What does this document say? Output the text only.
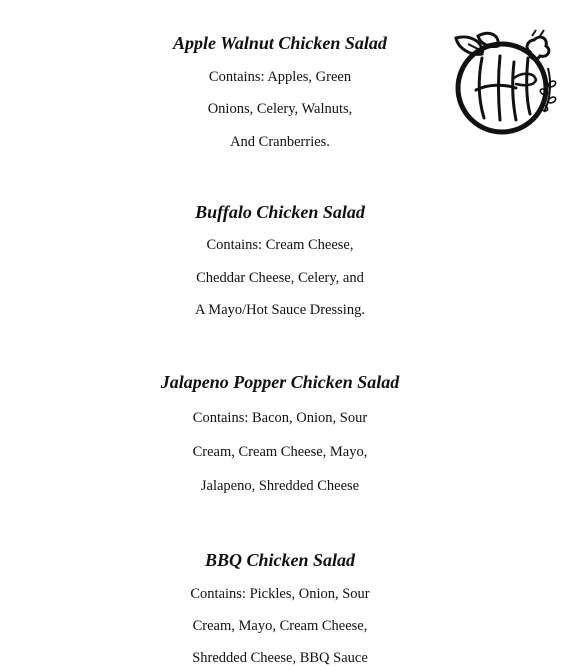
Apple Walnut Chicken Salad
Contains: Apples, Green
Onions, Celery, Walnuts,
And Cranberries.
Buffalo Chicken Salad
Contains: Cream Cheese,
Cheddar Cheese, Celery, and
A Mayo/Hot Sauce Dressing.
Jalapeno Popper Chicken Salad
Contains: Bacon, Onion, Sour
Cream, Cream Cheese, Mayo,
Jalapeno, Shredded Cheese
BBQ Chicken Salad
Contains: Pickles, Onion, Sour
Cream, Mayo, Cream Cheese,
Shredded Cheese, BBQ Sauce
